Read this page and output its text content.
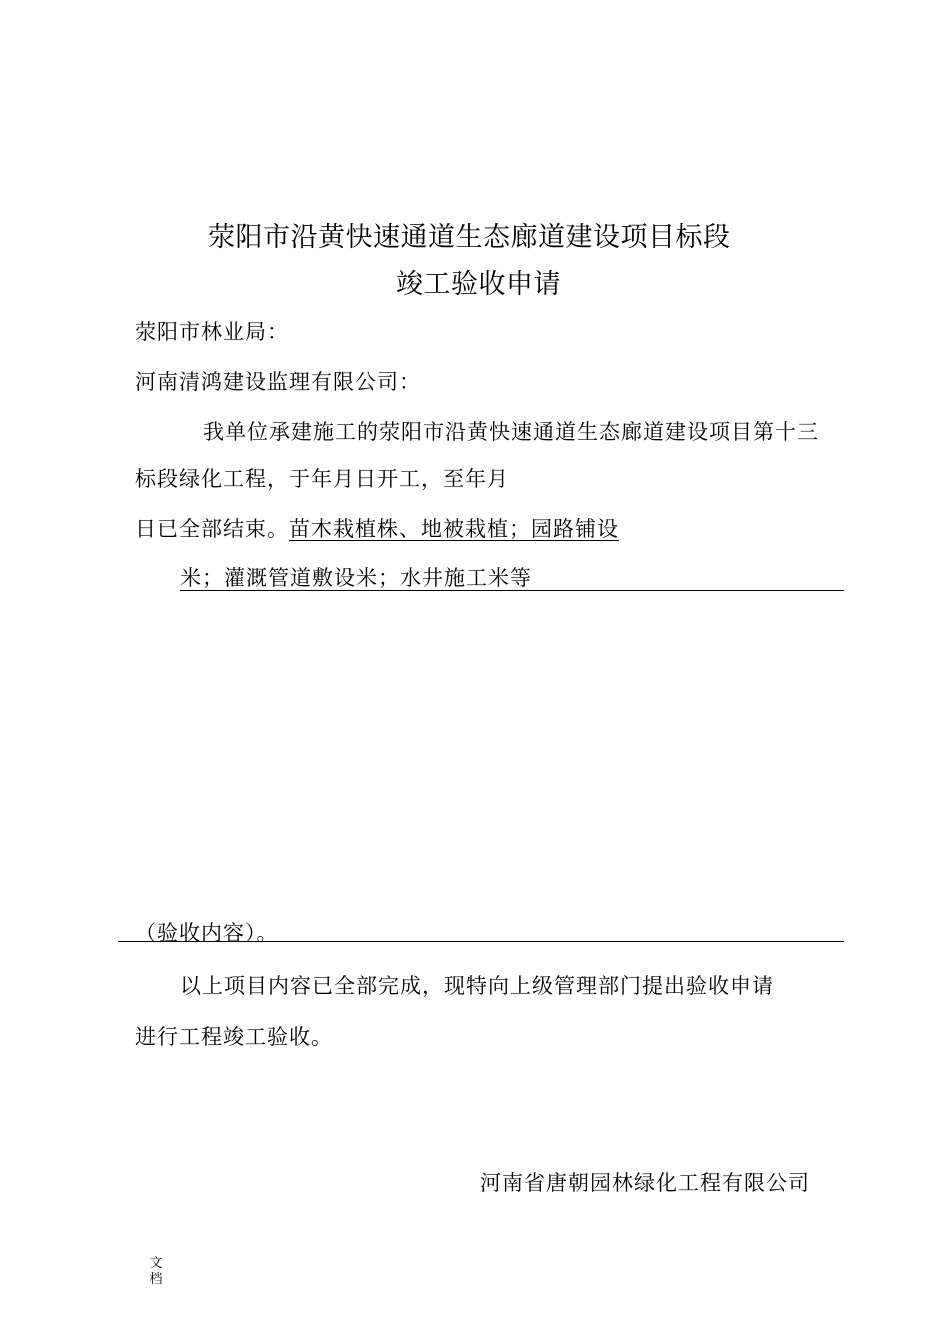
荥阳市沿黄快速通道生态廊道建设项目标段
竣工验收申请
荥阳市林业局：
河南清鸿建设监理有限公司：
我单位承建施工的荥阳市沿黄快速通道生态廊道建设项目第十三
标段绿化工程，于年月日开工，至年月
日已全部结束。苗木栽植株、地被栽植；园路铺设
米；灌溉管道敷设米；水井施工米等
（验收内容）。
以上项目内容已全部完成，现特向上级管理部门提出验收申请
进行工程竣工验收。
河南省唐朝园林绿化工程有限公司
文
档
